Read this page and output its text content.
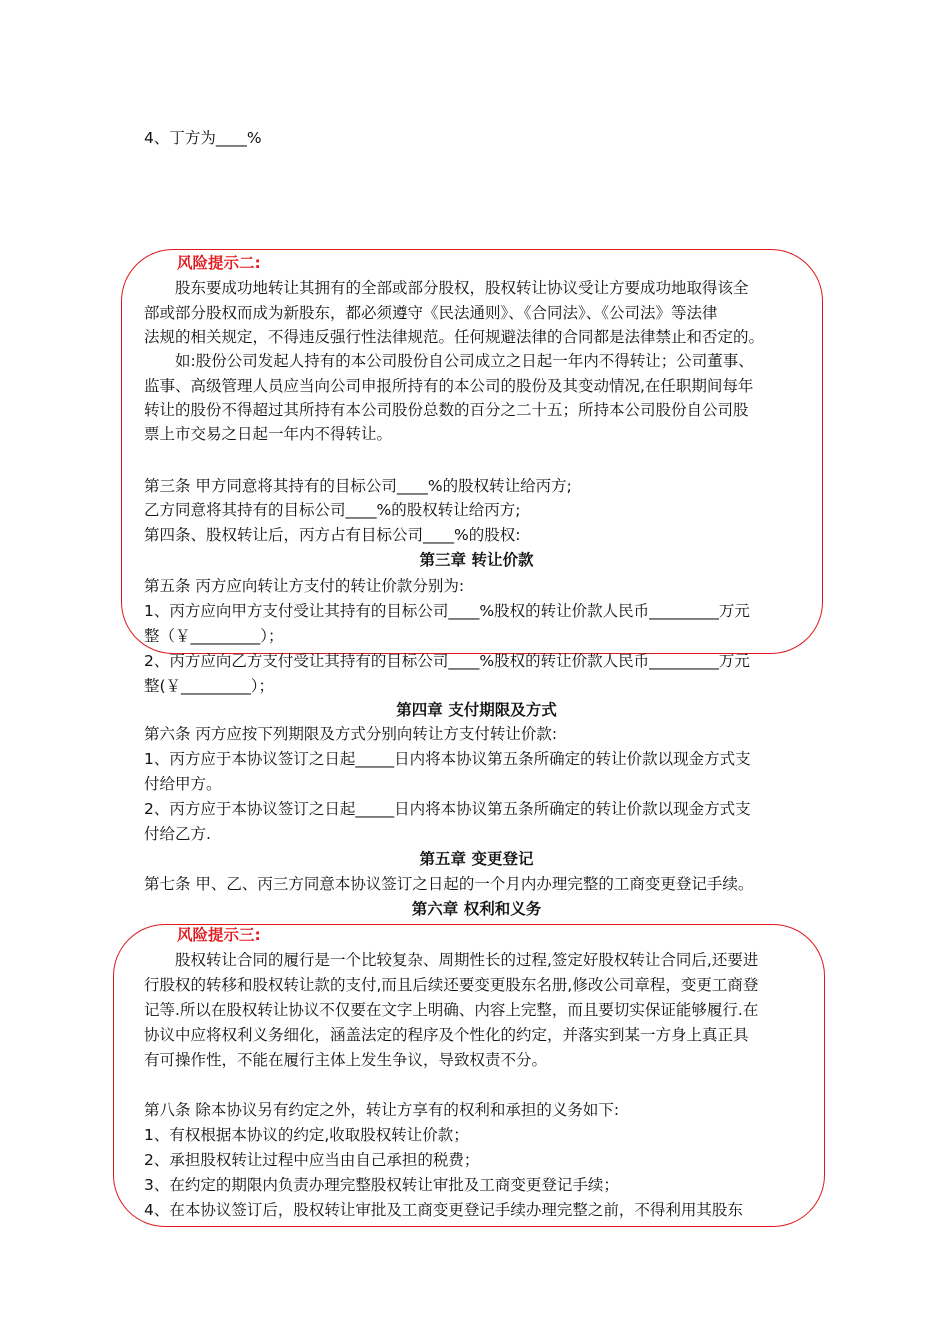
4、丁方为____%
风险提示二:
股东要成功地转让其拥有的全部或部分股权，股权转让协议受让方要成功地取得该全
部或部分股权而成为新股东，都必须遵守《民法通则》、《合同法》、《公司法》等法律
法规的相关规定，不得违反强行性法律规范。任何规避法律的合同都是法律禁止和否定的。
如:股份公司发起人持有的本公司股份自公司成立之日起一年内不得转让；公司董事、
监事、高级管理人员应当向公司申报所持有的本公司的股份及其变动情况,在任职期间每年
转让的股份不得超过其所持有本公司股份总数的百分之二十五；所持本公司股份自公司股
票上市交易之日起一年内不得转让。
第三条 甲方同意将其持有的目标公司____%的股权转让给丙方;
乙方同意将其持有的目标公司____%的股权转让给丙方;
第四条、股权转让后，丙方占有目标公司____%的股权:
第三章 转让价款
第五条 丙方应向转让方支付的转让价款分别为:
1、丙方应向甲方支付受让其持有的目标公司____%股权的转让价款人民币_________万元
整（￥_________）；
2、丙方应向乙方支付受让其持有的目标公司____%股权的转让价款人民币_________万元
整(￥_________）；
第四章 支付期限及方式
第六条 丙方应按下列期限及方式分别向转让方支付转让价款:
1、丙方应于本协议签订之日起_____日内将本协议第五条所确定的转让价款以现金方式支
付给甲方。
2、丙方应于本协议签订之日起_____日内将本协议第五条所确定的转让价款以现金方式支
付给乙方.
第五章 变更登记
第七条 甲、乙、丙三方同意本协议签订之日起的一个月内办理完整的工商变更登记手续。
第六章 权利和义务
风险提示三:
股权转让合同的履行是一个比较复杂、周期性长的过程,签定好股权转让合同后,还要进
行股权的转移和股权转让款的支付,而且后续还要变更股东名册,修改公司章程，变更工商登
记等.所以在股权转让协议不仅要在文字上明确、内容上完整，而且要切实保证能够履行.在
协议中应将权利义务细化，涵盖法定的程序及个性化的约定，并落实到某一方身上真正具
有可操作性，不能在履行主体上发生争议，导致权责不分。
第八条 除本协议另有约定之外，转让方享有的权利和承担的义务如下:
1、有权根据本协议的约定,收取股权转让价款；
2、承担股权转让过程中应当由自己承担的税费；
3、在约定的期限内负责办理完整股权转让审批及工商变更登记手续；
4、在本协议签订后，股权转让审批及工商变更登记手续办理完整之前，不得利用其股东
